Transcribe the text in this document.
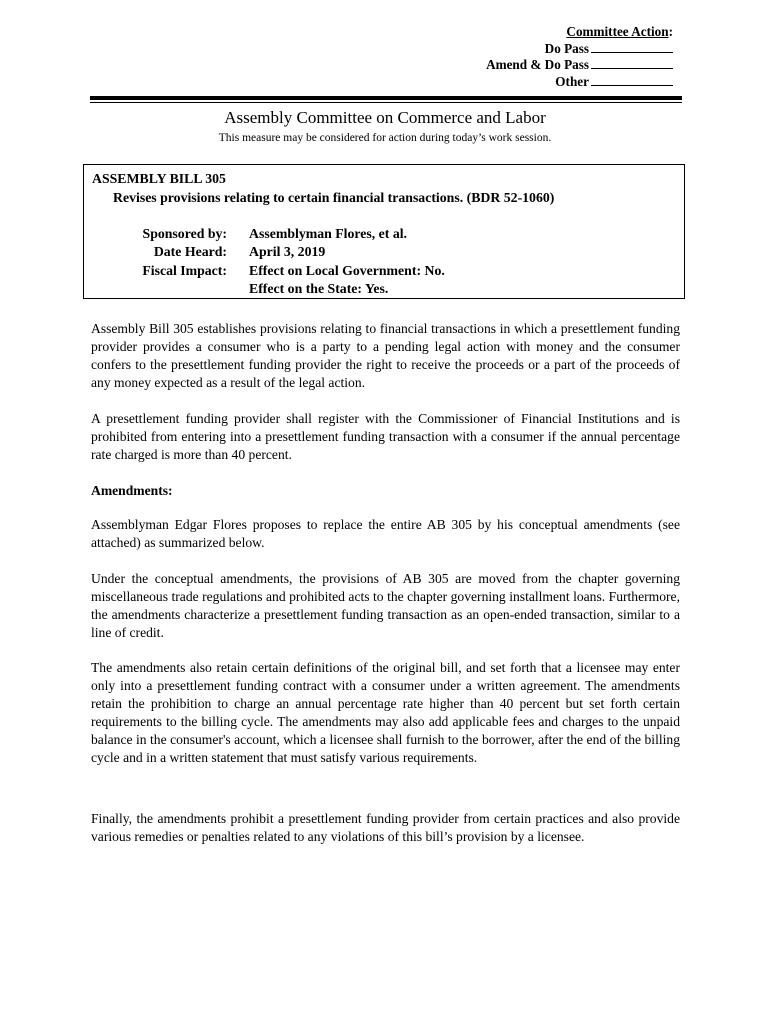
Committee Action:
Do Pass
Amend & Do Pass
Other
Assembly Committee on Commerce and Labor
This measure may be considered for action during today’s work session.
ASSEMBLY BILL 305
Revises provisions relating to certain financial transactions. (BDR 52-1060)
Sponsored by:
Date Heard:
Fiscal Impact:
Assemblyman Flores, et al.
April 3, 2019
Effect on Local Government: No.
Effect on the State: Yes.
Assembly Bill 305 establishes provisions relating to financial transactions in which a presettlement funding provider provides a consumer who is a party to a pending legal action with money and the consumer confers to the presettlement funding provider the right to receive the proceeds or a part of the proceeds of any money expected as a result of the legal action.
A presettlement funding provider shall register with the Commissioner of Financial Institutions and is prohibited from entering into a presettlement funding transaction with a consumer if the annual percentage rate charged is more than 40 percent.
Amendments:
Assemblyman Edgar Flores proposes to replace the entire AB 305 by his conceptual amendments (see attached) as summarized below.
Under the conceptual amendments, the provisions of AB 305 are moved from the chapter governing miscellaneous trade regulations and prohibited acts to the chapter governing installment loans. Furthermore, the amendments characterize a presettlement funding transaction as an open-ended transaction, similar to a line of credit.
The amendments also retain certain definitions of the original bill, and set forth that a licensee may enter only into a presettlement funding contract with a consumer under a written agreement. The amendments retain the prohibition to charge an annual percentage rate higher than 40 percent but set forth certain requirements to the billing cycle. The amendments may also add applicable fees and charges to the unpaid balance in the consumer's account, which a licensee shall furnish to the borrower, after the end of the billing cycle and in a written statement that must satisfy various requirements.
Finally, the amendments prohibit a presettlement funding provider from certain practices and also provide various remedies or penalties related to any violations of this bill’s provision by a licensee.
